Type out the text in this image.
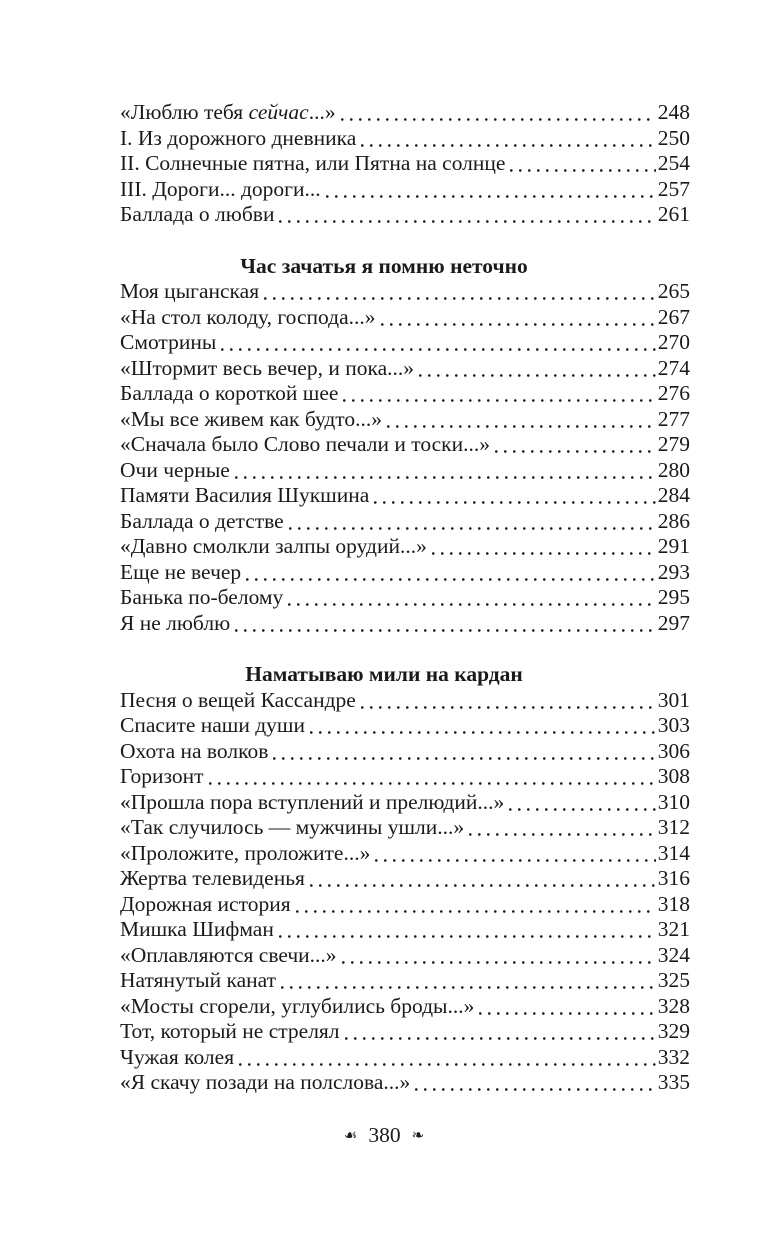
«Люблю тебя сейчас...»	248
I. Из дорожного дневника	250
II. Солнечные пятна, или Пятна на солнце	254
III. Дороги... дороги...	257
Баллада о любви	261
Час зачатья я помню неточно
Моя цыганская	265
«На стол колоду, господа...»	267
Смотрины	270
«Штормит весь вечер, и пока...»	274
Баллада о короткой шее	276
«Мы все живем как будто...»	277
«Сначала было Слово печали и тоски...»	279
Очи черные	280
Памяти Василия Шукшина	284
Баллада о детстве	286
«Давно смолкли залпы орудий...»	291
Еще не вечер	293
Банька по-белому	295
Я не люблю	297
Наматываю мили на кардан
Песня о вещей Кассандре	301
Спасите наши души	303
Охота на волков	306
Горизонт	308
«Прошла пора вступлений и прелюдий...»	310
«Так случилось — мужчины ушли...»	312
«Проложите, проложите...»	314
Жертва телевиденья	316
Дорожная история	318
Мишка Шифман	321
«Оплавляются свечи...»	324
Натянутый канат	325
«Мосты сгорели, углубились броды...»	328
Тот, который не стрелял	329
Чужая колея	332
«Я скачу позади на полслова...»	335
☙ 380 ❧
